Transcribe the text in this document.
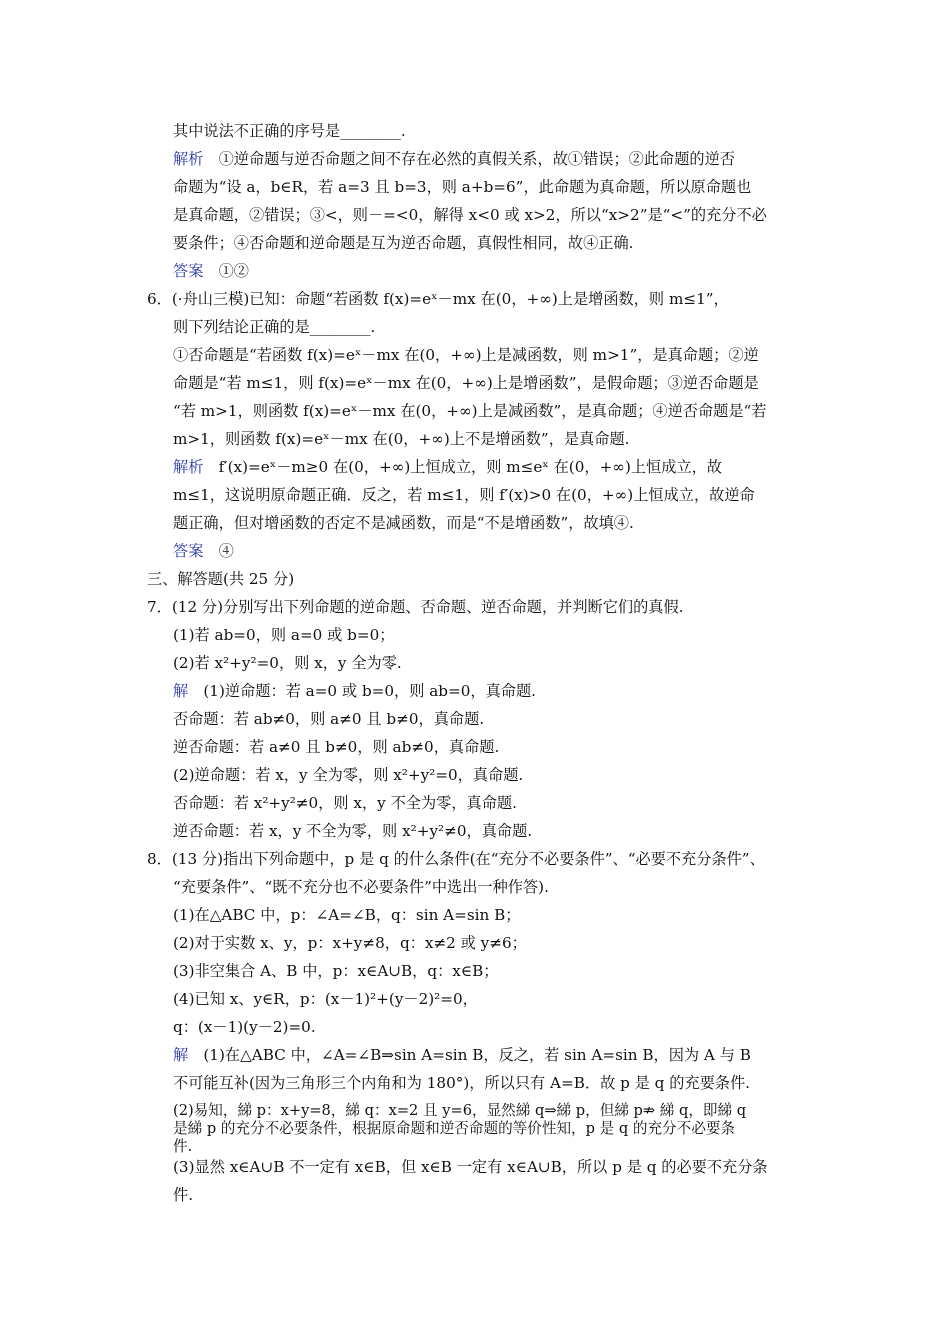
其中说法不正确的序号是________.
解析　①逆命题与逆否命题之间不存在必然的真假关系，故①错误；②此命题的逆否
命题为“设 a，b∈R，若 a=3 且 b=3，则 a+b=6”，此命题为真命题，所以原命题也
是真命题，②错误；③<，则－=<0，解得 x<0 或 x>2，所以“x>2”是“<”的充分不必
要条件；④否命题和逆命题是互为逆否命题，真假性相同，故④正确.
答案　①②
6．(·舟山三模)已知：命题“若函数 f(x)=eˣ－mx 在(0，+∞)上是增函数，则 m≤1”，
则下列结论正确的是________.
①否命题是“若函数 f(x)=eˣ－mx 在(0，+∞)上是减函数，则 m>1”，是真命题；②逆
命题是“若 m≤1，则 f(x)=eˣ－mx 在(0，+∞)上是增函数”，是假命题；③逆否命题是
“若 m>1，则函数 f(x)=eˣ－mx 在(0，+∞)上是减函数”，是真命题；④逆否命题是“若
m>1，则函数 f(x)=eˣ－mx 在(0，+∞)上不是增函数”，是真命题.
解析　f′(x)=eˣ－m≥0 在(0，+∞)上恒成立，则 m≤eˣ 在(0，+∞)上恒成立，故
m≤1，这说明原命题正确．反之，若 m≤1，则 f′(x)>0 在(0，+∞)上恒成立，故逆命
题正确，但对增函数的否定不是减函数，而是“不是增函数”，故填④.
答案　④
三、解答题(共 25 分)
7．(12 分)分别写出下列命题的逆命题、否命题、逆否命题，并判断它们的真假.
(1)若 ab=0，则 a=0 或 b=0；
(2)若 x²+y²=0，则 x，y 全为零.
解　(1)逆命题：若 a=0 或 b=0，则 ab=0，真命题.
否命题：若 ab≠0，则 a≠0 且 b≠0，真命题.
逆否命题：若 a≠0 且 b≠0，则 ab≠0，真命题.
(2)逆命题：若 x，y 全为零，则 x²+y²=0，真命题.
否命题：若 x²+y²≠0，则 x，y 不全为零，真命题.
逆否命题：若 x，y 不全为零，则 x²+y²≠0，真命题.
8．(13 分)指出下列命题中，p 是 q 的什么条件(在“充分不必要条件”、“必要不充分条件”、
“充要条件”、“既不充分也不必要条件”中选出一种作答).
(1)在△ABC 中，p：∠A=∠B，q：sin A=sin B；
(2)对于实数 x、y，p：x+y≠8，q：x≠2 或 y≠6；
(3)非空集合 A、B 中，p：x∈A∪B，q：x∈B；
(4)已知 x、y∈R，p：(x－1)²+(y－2)²=0，
q：(x－1)(y－2)=0.
解　(1)在△ABC 中，∠A=∠B⇒sin A=sin B，反之，若 sin A=sin B，因为 A 与 B
不可能互补(因为三角形三个内角和为 180°)，所以只有 A=B．故 p 是 q 的充要条件.
(2)易知，綈 p：x+y=8，綈 q：x=2 且 y=6，显然綈 q⇒綈 p，但綈 p⇏ 綈 q，即綈 q
是綈 p 的充分不必要条件，根据原命题和逆否命题的等价性知，p 是 q 的充分不必要条
件.
(3)显然 x∈A∪B 不一定有 x∈B，但 x∈B 一定有 x∈A∪B，所以 p 是 q 的必要不充分条
件.
